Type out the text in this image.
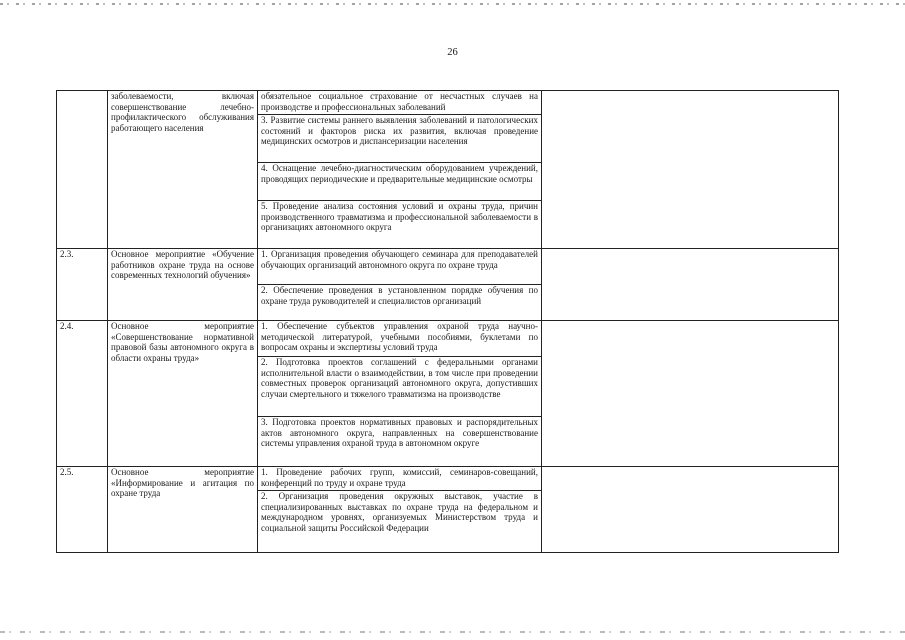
26
	заболеваемости, включая совершенствование лечебно-профилактического обслуживания работающего населения	обязательное социальное страхование от несчастных случаев на производстве и профессиональных заболеваний	
		3. Развитие системы раннего выявления заболеваний и патологических состояний и факторов риска их развития, включая проведение медицинских осмотров и диспансеризации населения	
		4. Оснащение лечебно-диагностическим оборудованием учреждений, проводящих периодические и предварительные медицинские осмотры	
		5. Проведение анализа состояния условий и охраны труда, причин производственного травматизма и профессиональной заболеваемости в организациях автономного округа	
2.3.	Основное мероприятие «Обучение работников охране труда на основе современных технологий обучения»	1. Организация проведения обучающего семинара для преподавателей обучающих организаций автономного округа по охране труда	
		2. Обеспечение проведения в установленном порядке обучения по охране труда руководителей и специалистов организаций	
2.4.	Основное мероприятие «Совершенствование нормативной правовой базы автономного округа в области охраны труда»	1. Обеспечение субъектов управления охраной труда научно-методической литературой, учебными пособиями, буклетами по вопросам охраны и экспертизы условий труда	
		2. Подготовка проектов соглашений с федеральными органами исполнительной власти о взаимодействии, в том числе при проведении совместных проверок организаций автономного округа, допустивших случаи смертельного и тяжелого травматизма на производстве	
		3. Подготовка проектов нормативных правовых и распорядительных актов автономного округа, направленных на совершенствование системы управления охраной труда в автономном округе	
2.5.	Основное мероприятие «Информирование и агитация по охране труда	1. Проведение рабочих групп, комиссий, семинаров-совещаний, конференций по труду и охране труда	
		2. Организация проведения окружных выставок, участие в специализированных выставках по охране труда на федеральном и международном уровнях, организуемых Министерством труда и социальной защиты Российской Федерации	
